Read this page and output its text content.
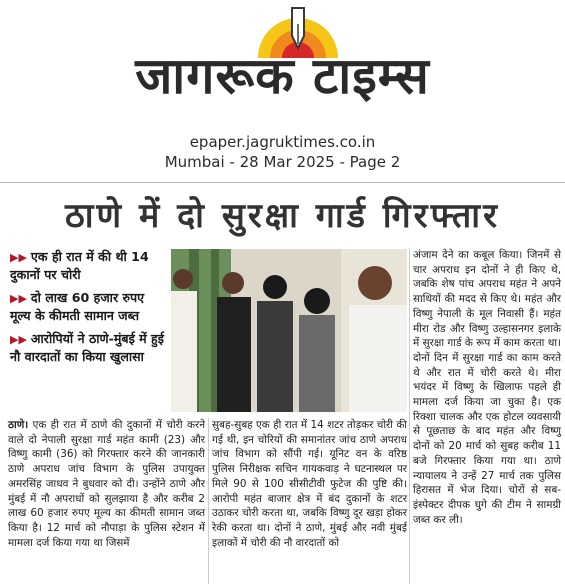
जागरूक टाइम्स
epaper.jagruktimes.co.in
Mumbai - 28 Mar 2025 - Page 2
ठाणे में दो सुरक्षा गार्ड गिरफ्तार
▶▶ एक ही रात में की थी 14 दुकानों पर चोरी
▶▶ दो लाख 60 हजार रुपए मूल्य के कीमती सामान जब्त
▶▶ आरोपियों ने ठाणे-मुंबई में हुई नौ वारदातों का किया खुलासा
ठाणे। एक ही रात में ठाणे की दुकानों में चोरी करने वाले दो नेपाली सुरक्षा गार्ड महंत कामी (23) और विष्णु कामी (36) को गिरफ्तार करने की जानकारी ठाणे अपराध जांच विभाग के पुलिस उपायुक्त अमरसिंह जाधव ने बुधवार को दी। उन्होंने ठाणे और मुंबई में नौ अपराधों को सुलझाया है और करीब 2 लाख 60 हजार रुपए मूल्य का कीमती सामान जब्त किया है। 12 मार्च को नौपाड़ा के पुलिस स्टेशन में मामला दर्ज किया गया था जिसमें
सुबह-सुबह एक ही रात में 14 शटर तोड़कर चोरी की गई थी, इन चोरियों की समानांतर जांच ठाणे अपराध जांच विभाग को सौंपी गई। यूनिट वन के वरिष्ठ पुलिस निरीक्षक सचिन गायकवाड़ ने घटनास्थल पर मिले 90 से 100 सीसीटीवी फुटेज की पुष्टि की। आरोपी महंत बाजार क्षेत्र में बंद दुकानों के शटर उठाकर चोरी करता था, जबकि विष्णु दूर खड़ा होकर रेकी करता था। दोनों ने ठाणे, मुंबई और नवी मुंबई इलाकों में चोरी की नौ वारदातों को
अंजाम देने का कबूल किया। जिनमें से चार अपराध इन दोनों ने ही किए थे, जबकि शेष पांच अपराध महंत ने अपने साथियों की मदद से किए थे। महंत और विष्णु नेपाली के मूल निवासी हैं। महंत मीरा रोड और विष्णु उल्हासनगर इलाके में सुरक्षा गार्ड के रूप में काम करता था। दोनों दिन में सुरक्षा गार्ड का काम करते थे और रात में चोरी करते थे। मीरा भयंदर में विष्णु के खिलाफ पहले ही मामला दर्ज किया जा चुका है। एक रिक्शा चालक और एक होटल व्यवसायी से पूछताछ के बाद महंत और विष्णु दोनों को 20 मार्च को सुबह करीब 11 बजे गिरफ्तार किया गया था। ठाणे न्यायालय ने उन्हें 27 मार्च तक पुलिस हिरासत में भेज दिया। चोरों से सब-इंस्पेक्टर दीपक घुगे की टीम ने सामग्री जब्त कर ली।
